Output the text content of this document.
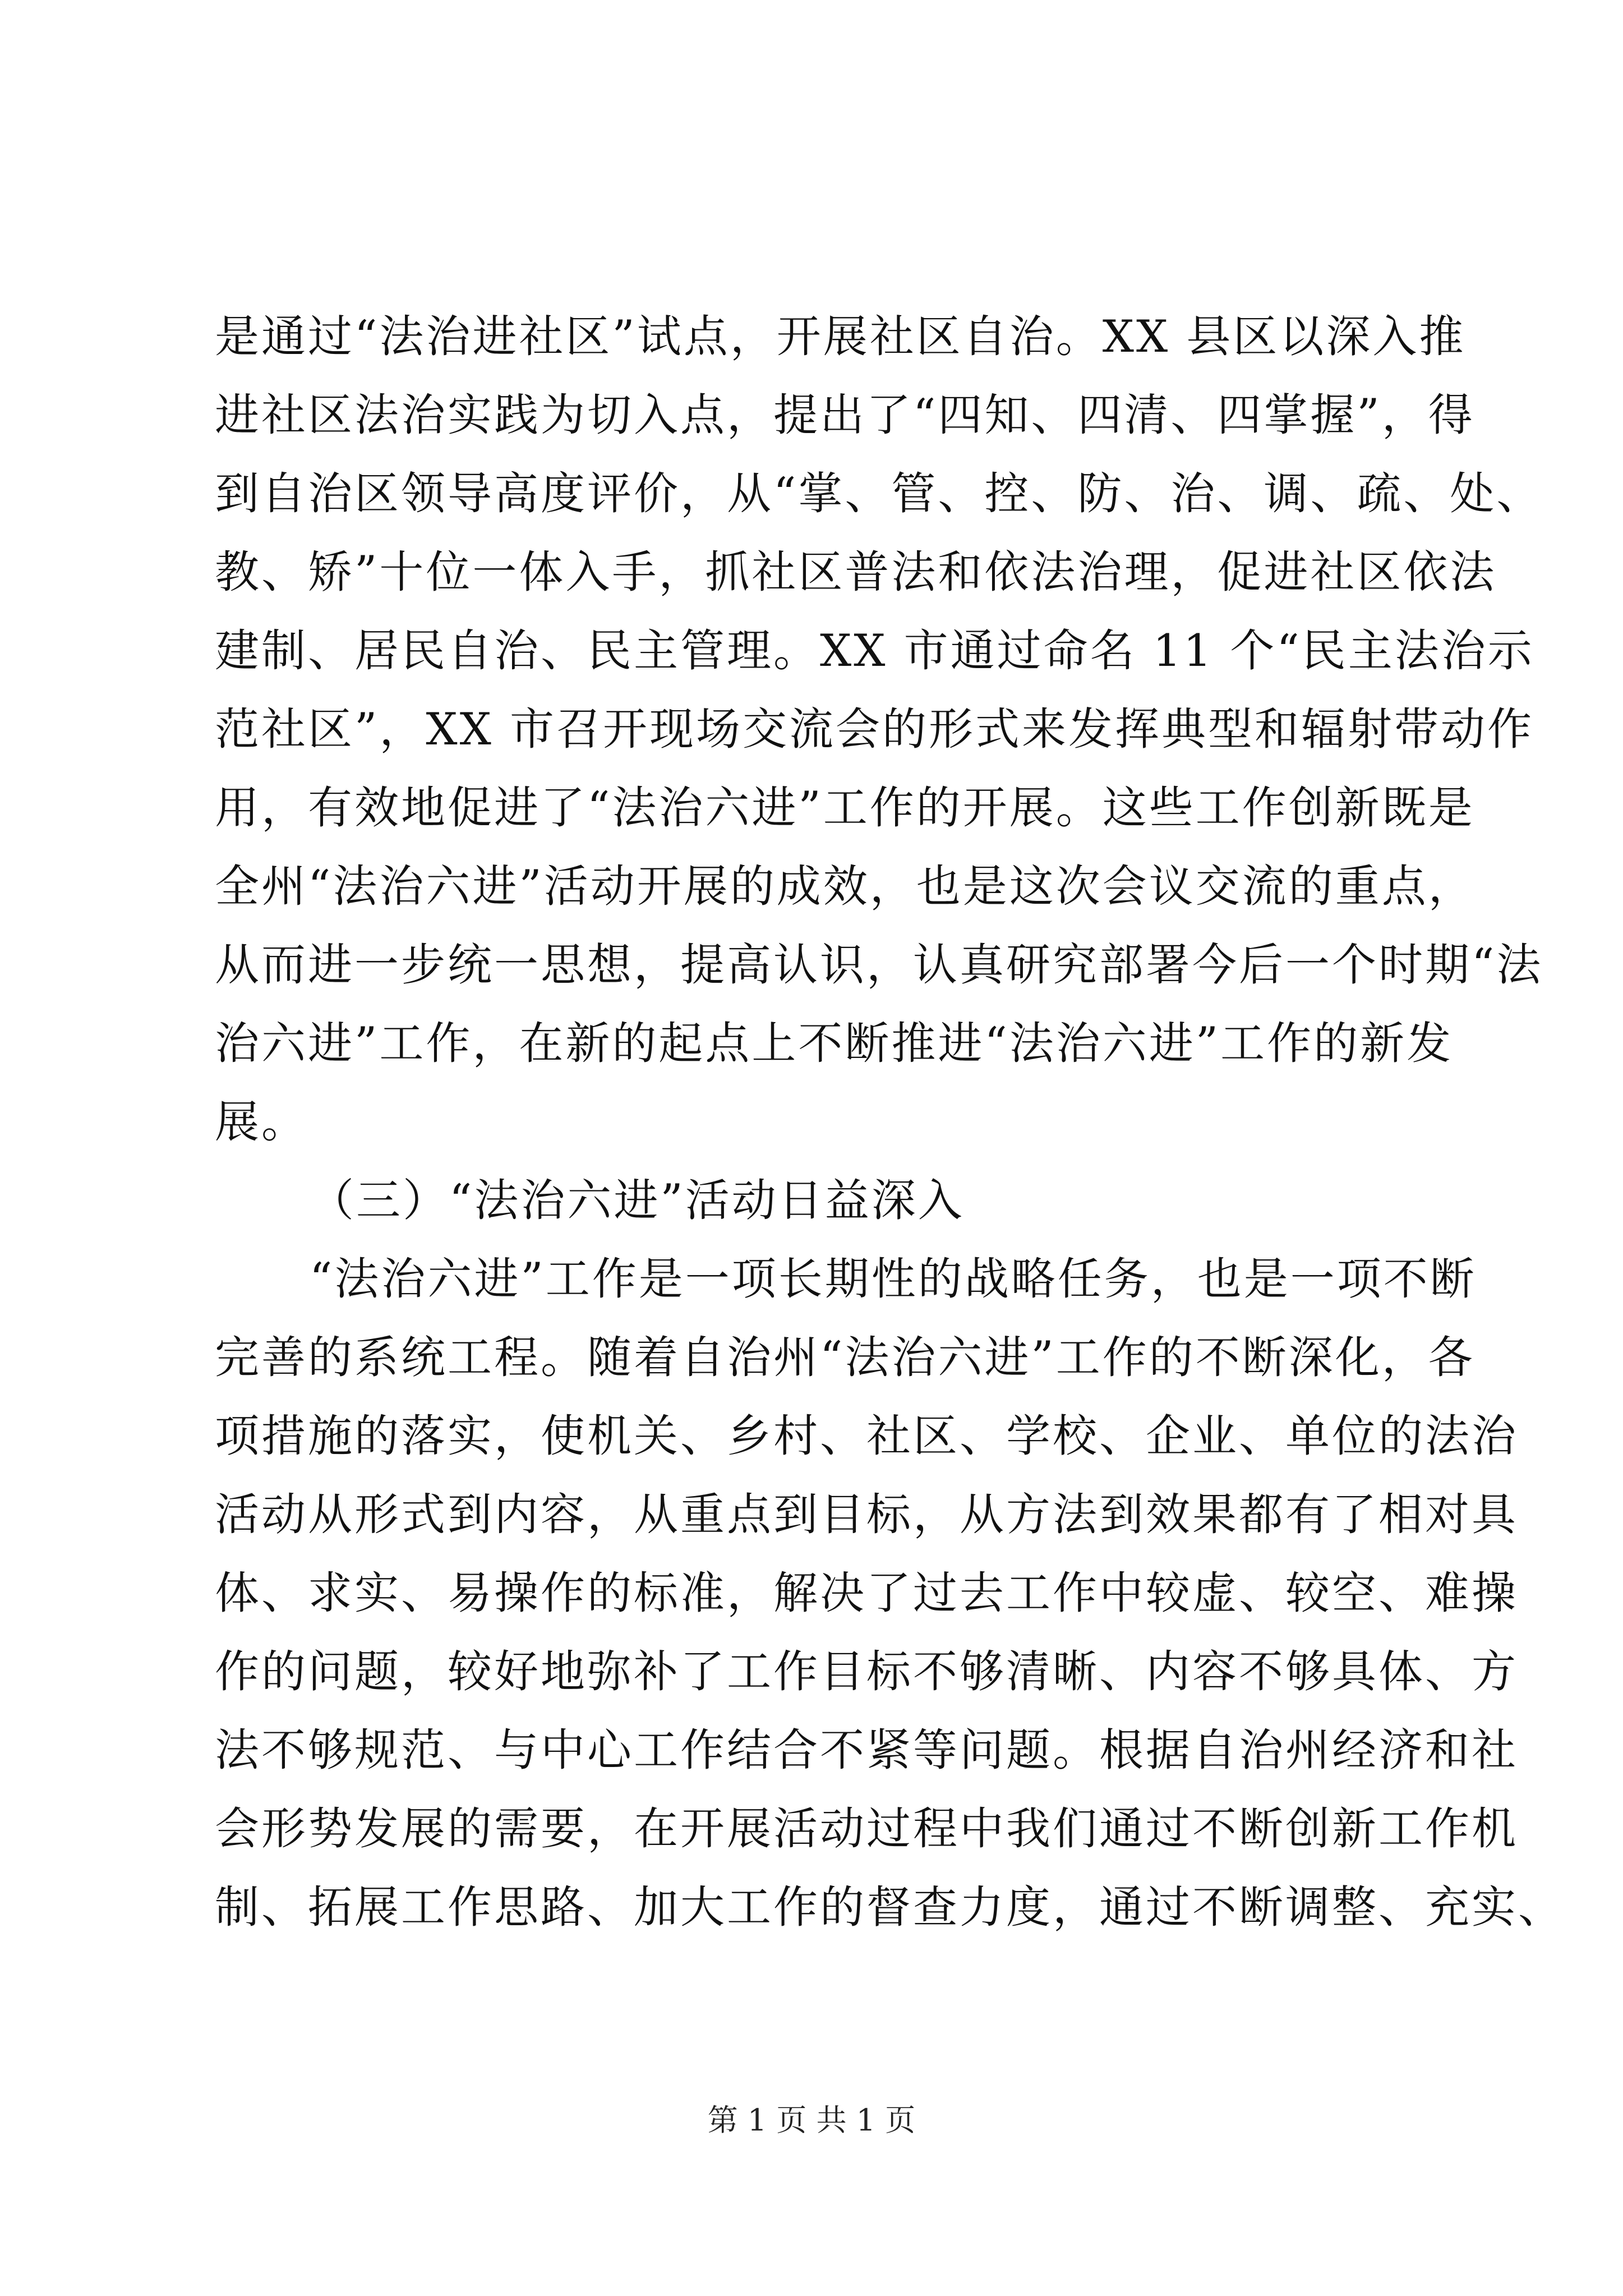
是通过“法治进社区”试点，开展社区自治。XX 县区以深入推
进社区法治实践为切入点，提出了“四知、四清、四掌握”，得
到自治区领导高度评价，从“掌、管、控、防、治、调、疏、处、
教、矫”十位一体入手，抓社区普法和依法治理，促进社区依法
建制、居民自治、民主管理。XX 市通过命名 11 个“民主法治示
范社区”，XX 市召开现场交流会的形式来发挥典型和辐射带动作
用，有效地促进了“法治六进”工作的开展。这些工作创新既是
全州“法治六进”活动开展的成效，也是这次会议交流的重点，
从而进一步统一思想，提高认识，认真研究部署今后一个时期“法
治六进”工作，在新的起点上不断推进“法治六进”工作的新发
展。
（三）“法治六进”活动日益深入
“法治六进”工作是一项长期性的战略任务，也是一项不断
完善的系统工程。随着自治州“法治六进”工作的不断深化，各
项措施的落实，使机关、乡村、社区、学校、企业、单位的法治
活动从形式到内容，从重点到目标，从方法到效果都有了相对具
体、求实、易操作的标准，解决了过去工作中较虚、较空、难操
作的问题，较好地弥补了工作目标不够清晰、内容不够具体、方
法不够规范、与中心工作结合不紧等问题。根据自治州经济和社
会形势发展的需要，在开展活动过程中我们通过不断创新工作机
制、拓展工作思路、加大工作的督查力度，通过不断调整、充实、
第 1 页 共 1 页
